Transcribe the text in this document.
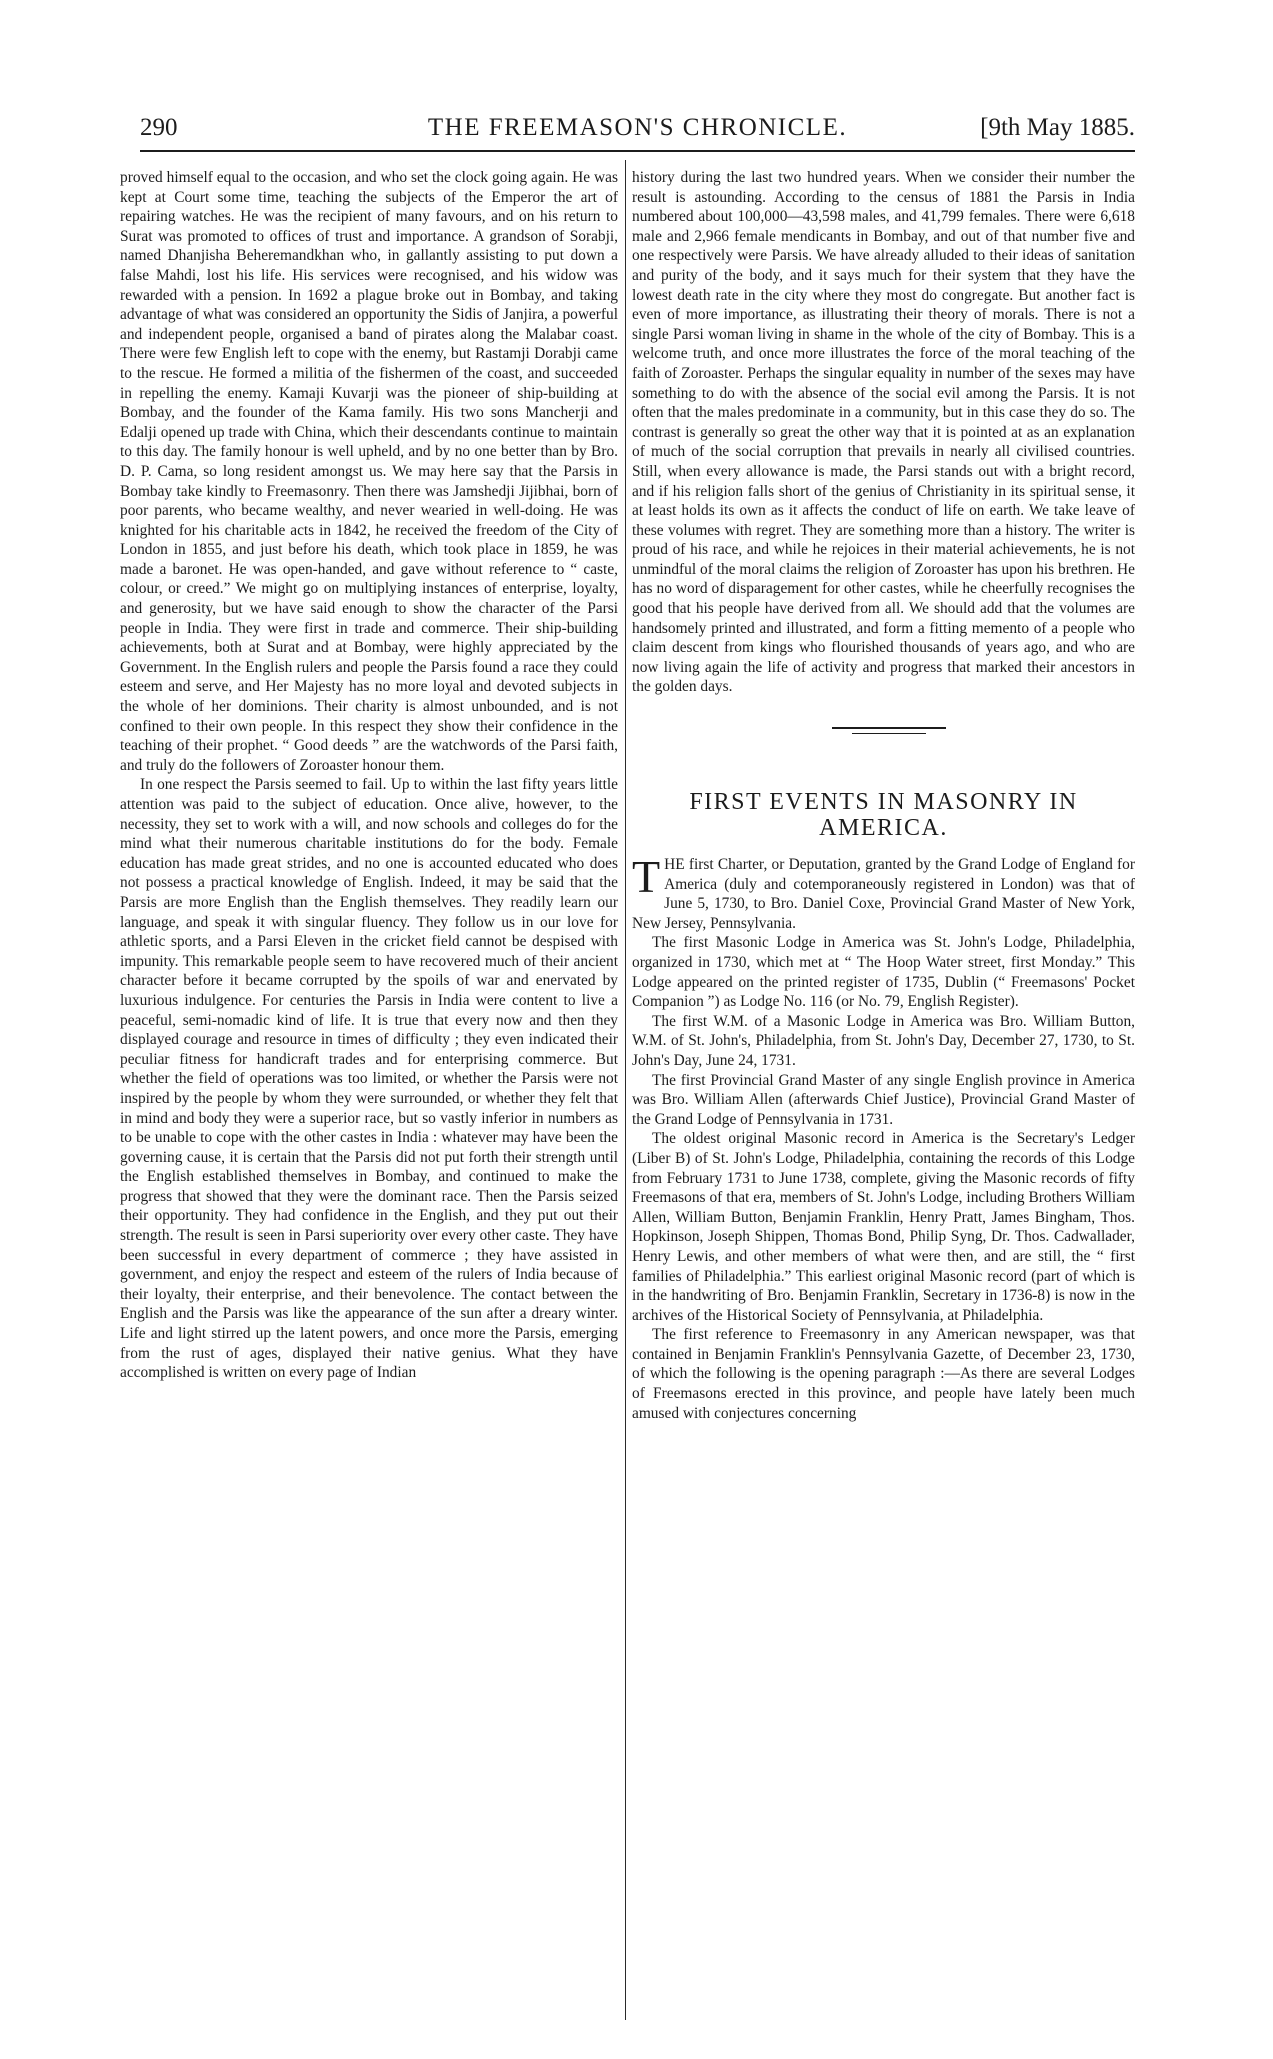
290	THE FREEMASON'S CHRONICLE.	[9th May 1885.

proved himself equal to the occasion, and who set the clock going again. He was kept at Court some time, teaching the subjects of the Emperor the art of repairing watches. He was the recipient of many favours, and on his return to Surat was promoted to offices of trust and importance. A grandson of Sorabji, named Dhanjisha Beheremandkhan who, in gallantly assisting to put down a false Mahdi, lost his life. His services were recognised, and his widow was rewarded with a pension. In 1692 a plague broke out in Bombay, and taking advantage of what was considered an opportunity the Sidis of Janjira, a powerful and independent people, organised a band of pirates along the Malabar coast. There were few English left to cope with the enemy, but Rastamji Dorabji came to the rescue. He formed a militia of the fishermen of the coast, and succeeded in repelling the enemy. Kamaji Kuvarji was the pioneer of ship-building at Bombay, and the founder of the Kama family. His two sons Mancherji and Edalji opened up trade with China, which their descendants continue to maintain to this day. The family honour is well upheld, and by no one better than by Bro. D. P. Cama, so long resident amongst us. We may here say that the Parsis in Bombay take kindly to Freemasonry. Then there was Jamshedji Jijibhai, born of poor parents, who became wealthy, and never wearied in well-doing. He was knighted for his charitable acts in 1842, he received the freedom of the City of London in 1855, and just before his death, which took place in 1859, he was made a baronet. He was open-handed, and gave without reference to “ caste, colour, or creed.” We might go on multiplying instances of enterprise, loyalty, and generosity, but we have said enough to show the character of the Parsi people in India. They were first in trade and commerce. Their ship-building achievements, both at Surat and at Bombay, were highly appreciated by the Government. In the English rulers and people the Parsis found a race they could esteem and serve, and Her Majesty has no more loyal and devoted subjects in the whole of her dominions. Their charity is almost unbounded, and is not confined to their own people. In this respect they show their confidence in the teaching of their prophet. “ Good deeds ” are the watchwords of the Parsi faith, and truly do the followers of Zoroaster honour them.

In one respect the Parsis seemed to fail. Up to within the last fifty years little attention was paid to the subject of education. Once alive, however, to the necessity, they set to work with a will, and now schools and colleges do for the mind what their numerous charitable institutions do for the body. Female education has made great strides, and no one is accounted educated who does not possess a practical knowledge of English. Indeed, it may be said that the Parsis are more English than the English themselves. They readily learn our language, and speak it with singular fluency. They follow us in our love for athletic sports, and a Parsi Eleven in the cricket field cannot be despised with impunity. This remarkable people seem to have recovered much of their ancient character before it became corrupted by the spoils of war and enervated by luxurious indulgence. For centuries the Parsis in India were content to live a peaceful, semi-nomadic kind of life. It is true that every now and then they displayed courage and resource in times of difficulty ; they even indicated their peculiar fitness for handicraft trades and for enterprising commerce. But whether the field of operations was too limited, or whether the Parsis were not inspired by the people by whom they were surrounded, or whether they felt that in mind and body they were a superior race, but so vastly inferior in numbers as to be unable to cope with the other castes in India : whatever may have been the governing cause, it is certain that the Parsis did not put forth their strength until the English established themselves in Bombay, and continued to make the progress that showed that they were the dominant race. Then the Parsis seized their opportunity. They had confidence in the English, and they put out their strength. The result is seen in Parsi superiority over every other caste. They have been successful in every department of commerce ; they have assisted in government, and enjoy the respect and esteem of the rulers of India because of their loyalty, their enterprise, and their benevolence. The contact between the English and the Parsis was like the appearance of the sun after a dreary winter. Life and light stirred up the latent powers, and once more the Parsis, emerging from the rust of ages, displayed their native genius. What they have accomplished is written on every page of Indian

history during the last two hundred years. When we consider their number the result is astounding. According to the census of 1881 the Parsis in India numbered about 100,000—43,598 males, and 41,799 females. There were 6,618 male and 2,966 female mendicants in Bombay, and out of that number five and one respectively were Parsis. We have already alluded to their ideas of sanitation and purity of the body, and it says much for their system that they have the lowest death rate in the city where they most do congregate. But another fact is even of more importance, as illustrating their theory of morals. There is not a single Parsi woman living in shame in the whole of the city of Bombay. This is a welcome truth, and once more illustrates the force of the moral teaching of the faith of Zoroaster. Perhaps the singular equality in number of the sexes may have something to do with the absence of the social evil among the Parsis. It is not often that the males predominate in a community, but in this case they do so. The contrast is generally so great the other way that it is pointed at as an explanation of much of the social corruption that prevails in nearly all civilised countries. Still, when every allowance is made, the Parsi stands out with a bright record, and if his religion falls short of the genius of Christianity in its spiritual sense, it at least holds its own as it affects the conduct of life on earth. We take leave of these volumes with regret. They are something more than a history. The writer is proud of his race, and while he rejoices in their material achievements, he is not unmindful of the moral claims the religion of Zoroaster has upon his brethren. He has no word of disparagement for other castes, while he cheerfully recognises the good that his people have derived from all. We should add that the volumes are handsomely printed and illustrated, and form a fitting memento of a people who claim descent from kings who flourished thousands of years ago, and who are now living again the life of activity and progress that marked their ancestors in the golden days.

FIRST EVENTS IN MASONRY IN AMERICA.

THE first Charter, or Deputation, granted by the Grand Lodge of England for America (duly and cotemporaneously registered in London) was that of June 5, 1730, to Bro. Daniel Coxe, Provincial Grand Master of New York, New Jersey, Pennsylvania.

The first Masonic Lodge in America was St. John's Lodge, Philadelphia, organized in 1730, which met at “ The Hoop Water street, first Monday.” This Lodge appeared on the printed register of 1735, Dublin (“ Freemasons' Pocket Companion ”) as Lodge No. 116 (or No. 79, English Register).

The first W.M. of a Masonic Lodge in America was Bro. William Button, W.M. of St. John's, Philadelphia, from St. John's Day, December 27, 1730, to St. John's Day, June 24, 1731.

The first Provincial Grand Master of any single English province in America was Bro. William Allen (afterwards Chief Justice), Provincial Grand Master of the Grand Lodge of Pennsylvania in 1731.

The oldest original Masonic record in America is the Secretary's Ledger (Liber B) of St. John's Lodge, Philadelphia, containing the records of this Lodge from February 1731 to June 1738, complete, giving the Masonic records of fifty Freemasons of that era, members of St. John's Lodge, including Brothers William Allen, William Button, Benjamin Franklin, Henry Pratt, James Bingham, Thos. Hopkinson, Joseph Shippen, Thomas Bond, Philip Syng, Dr. Thos. Cadwallader, Henry Lewis, and other members of what were then, and are still, the “ first families of Philadelphia.” This earliest original Masonic record (part of which is in the handwriting of Bro. Benjamin Franklin, Secretary in 1736-8) is now in the archives of the Historical Society of Pennsylvania, at Philadelphia.

The first reference to Freemasonry in any American newspaper, was that contained in Benjamin Franklin's Pennsylvania Gazette, of December 23, 1730, of which the following is the opening paragraph :—As there are several Lodges of Freemasons erected in this province, and people have lately been much amused with conjectures concerning
